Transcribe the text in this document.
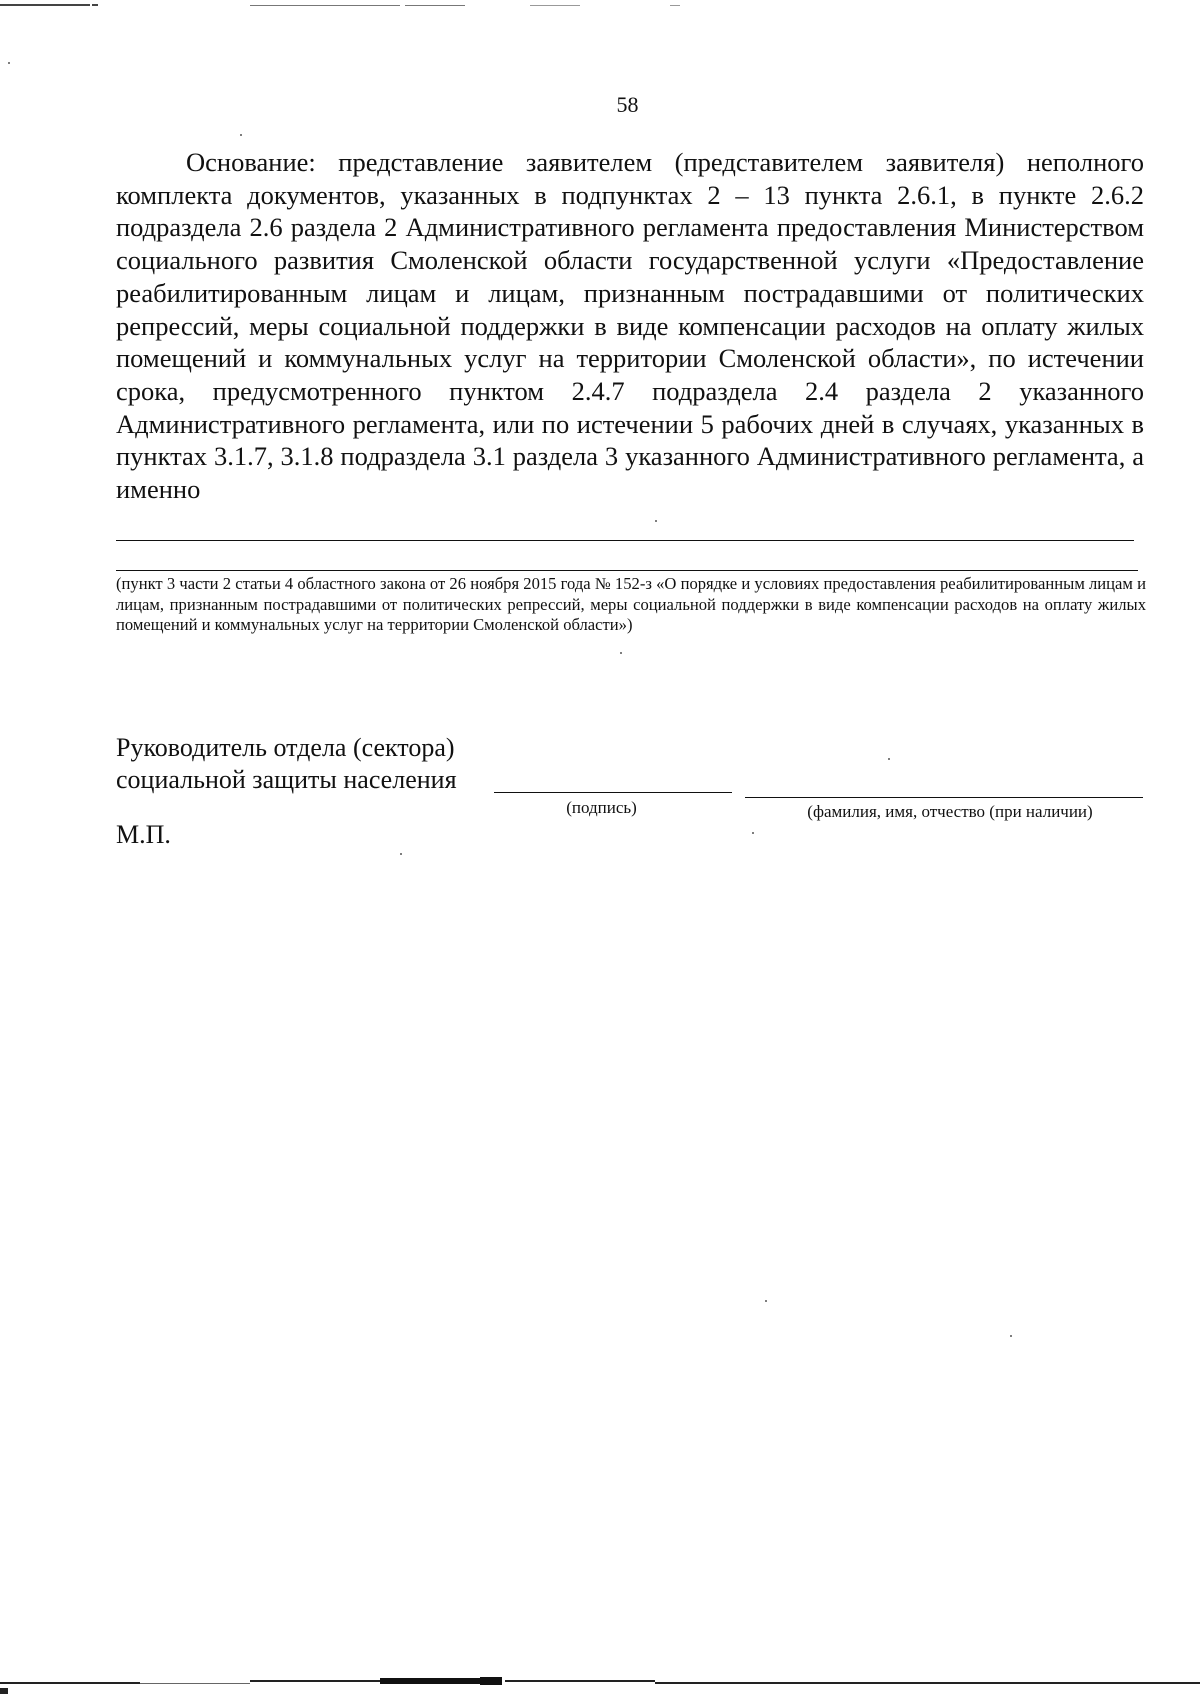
58

Основание: представление заявителем (представителем заявителя) неполного комплекта документов, указанных в подпунктах 2 – 13 пункта 2.6.1, в пункте 2.6.2 подраздела 2.6 раздела 2 Административного регламента предоставления Министерством социального развития Смоленской области государственной услуги «Предоставление реабилитированным лицам и лицам, признанным пострадавшими от политических репрессий, меры социальной поддержки в виде компенсации расходов на оплату жилых помещений и коммунальных услуг на территории Смоленской области», по истечении срока, предусмотренного пунктом 2.4.7 подраздела 2.4 раздела 2 указанного Административного регламента, или по истечении 5 рабочих дней в случаях, указанных в пунктах 3.1.7, 3.1.8 подраздела 3.1 раздела 3 указанного Административного регламента, а именно

(пункт 3 части 2 статьи 4 областного закона от 26 ноября 2015 года № 152-з «О порядке и условиях предоставления реабилитированным лицам и лицам, признанным пострадавшими от политических репрессий, меры социальной поддержки в виде компенсации расходов на оплату жилых помещений и коммунальных услуг на территории Смоленской области»)

Руководитель отдела (сектора)
социальной защиты населения
(подпись)	(фамилия, имя, отчество (при наличии)
М.П.
